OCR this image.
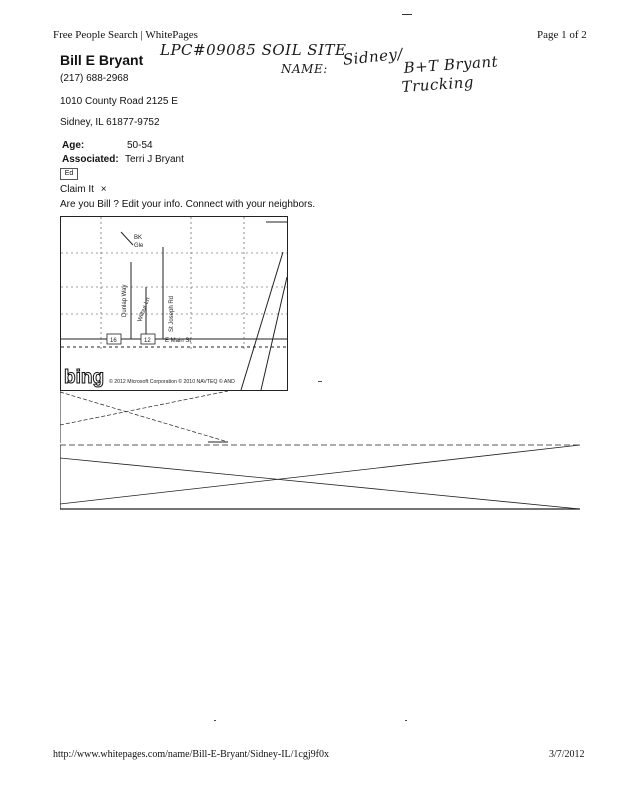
Free People Search | WhitePages	Page 1 of 2
Bill E Bryant
(217) 688-2968
1010 County Road 2125 E
Sidney, IL 61877-9752
LPC#09085 SOIL SITE
NAME:
Sidney/ B+T Bryant
Trucking
Age:	50-54
Associated: Terri J Bryant
Ed
Claim It ×
Are you Bill ? Edit your info. Connect with your neighbors.
BK
Gle
Dunlap Way Wilbur Ln	St Joseph Rd
16	12 E Main St
bing © 2012 Microsoft Corporation © 2010 NAVTEQ © AND
http://www.whitepages.com/name/Bill-E-Bryant/Sidney-IL/1cgj9f0x	3/7/2012
